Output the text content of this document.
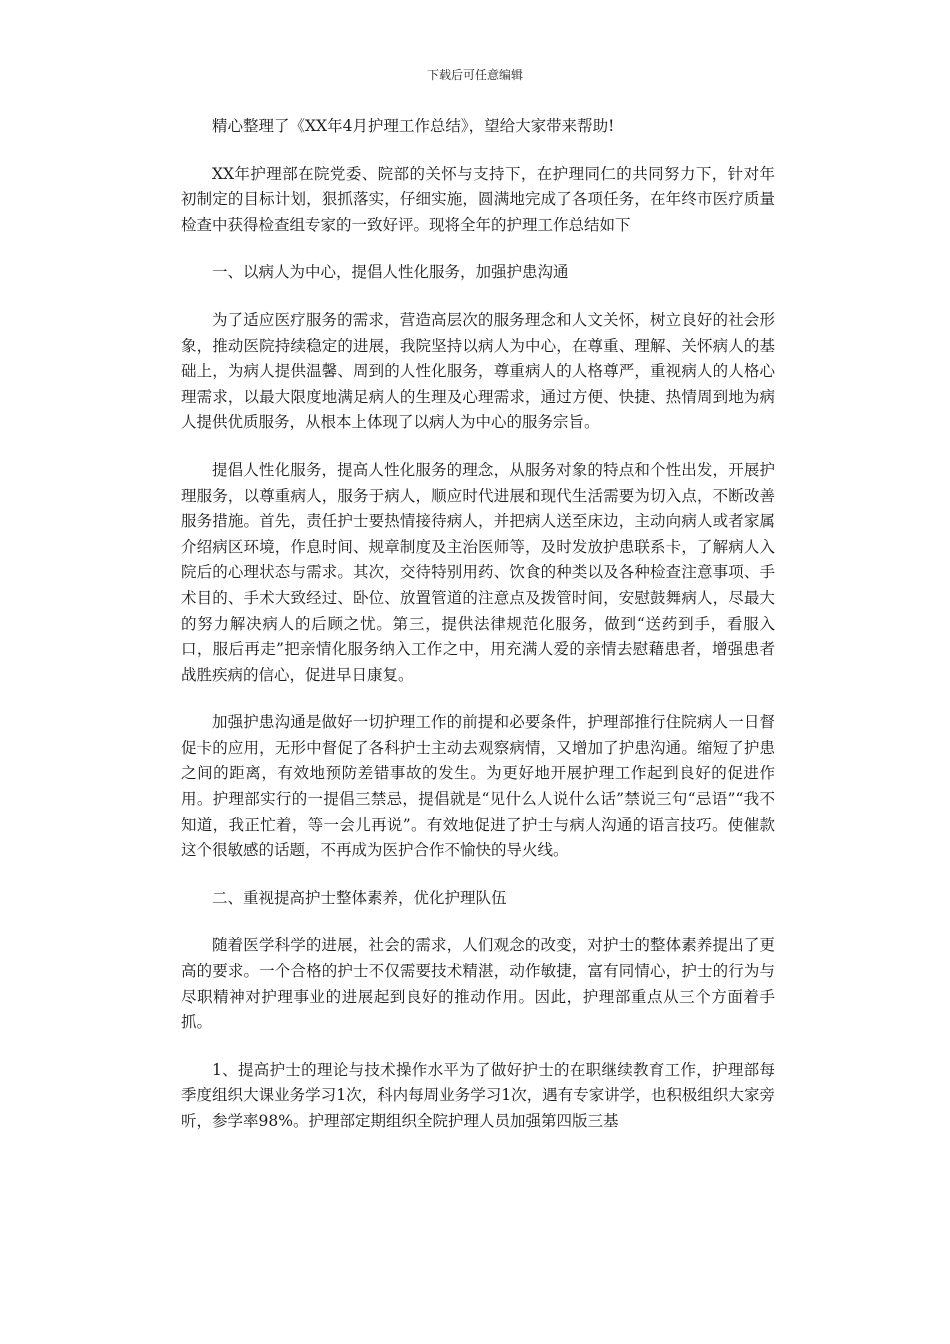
下载后可任意编辑

精心整理了《XX年4月护理工作总结》，望给大家带来帮助!

XX年护理部在院党委、院部的关怀与支持下，在护理同仁的共同努力下，针对年初制定的目标计划，狠抓落实，仔细实施，圆满地完成了各项任务，在年终市医疗质量检查中获得检查组专家的一致好评。现将全年的护理工作总结如下

一、以病人为中心，提倡人性化服务，加强护患沟通

为了适应医疗服务的需求，营造高层次的服务理念和人文关怀，树立良好的社会形象，推动医院持续稳定的进展，我院坚持以病人为中心，在尊重、理解、关怀病人的基础上，为病人提供温馨、周到的人性化服务，尊重病人的人格尊严，重视病人的人格心理需求，以最大限度地满足病人的生理及心理需求，通过方便、快捷、热情周到地为病人提供优质服务，从根本上体现了以病人为中心的服务宗旨。

提倡人性化服务，提高人性化服务的理念，从服务对象的特点和个性出发，开展护理服务，以尊重病人，服务于病人，顺应时代进展和现代生活需要为切入点，不断改善服务措施。首先，责任护士要热情接待病人，并把病人送至床边，主动向病人或者家属介绍病区环境，作息时间、规章制度及主治医师等，及时发放护患联系卡，了解病人入院后的心理状态与需求。其次，交待特别用药、饮食的种类以及各种检查注意事项、手术目的、手术大致经过、卧位、放置管道的注意点及拨管时间，安慰鼓舞病人，尽最大的努力解决病人的后顾之忧。第三，提供法律规范化服务，做到“送药到手，看服入口，服后再走”把亲情化服务纳入工作之中，用充满人爱的亲情去慰藉患者，增强患者战胜疾病的信心，促进早日康复。

加强护患沟通是做好一切护理工作的前提和必要条件，护理部推行住院病人一日督促卡的应用，无形中督促了各科护士主动去观察病情，又增加了护患沟通。缩短了护患之间的距离，有效地预防差错事故的发生。为更好地开展护理工作起到良好的促进作用。护理部实行的一提倡三禁忌，提倡就是“见什么人说什么话”禁说三句“忌语”“我不知道，我正忙着，等一会儿再说”。有效地促进了护士与病人沟通的语言技巧。使催款这个很敏感的话题，不再成为医护合作不愉快的导火线。

二、重视提高护士整体素养，优化护理队伍

随着医学科学的进展，社会的需求，人们观念的改变，对护士的整体素养提出了更高的要求。一个合格的护士不仅需要技术精湛，动作敏捷，富有同情心，护士的行为与尽职精神对护理事业的进展起到良好的推动作用。因此，护理部重点从三个方面着手抓。

1、提高护士的理论与技术操作水平为了做好护士的在职继续教育工作，护理部每季度组织大课业务学习1次，科内每周业务学习1次，遇有专家讲学，也积极组织大家旁听，参学率98%。护理部定期组织全院护理人员加强第四版三基
